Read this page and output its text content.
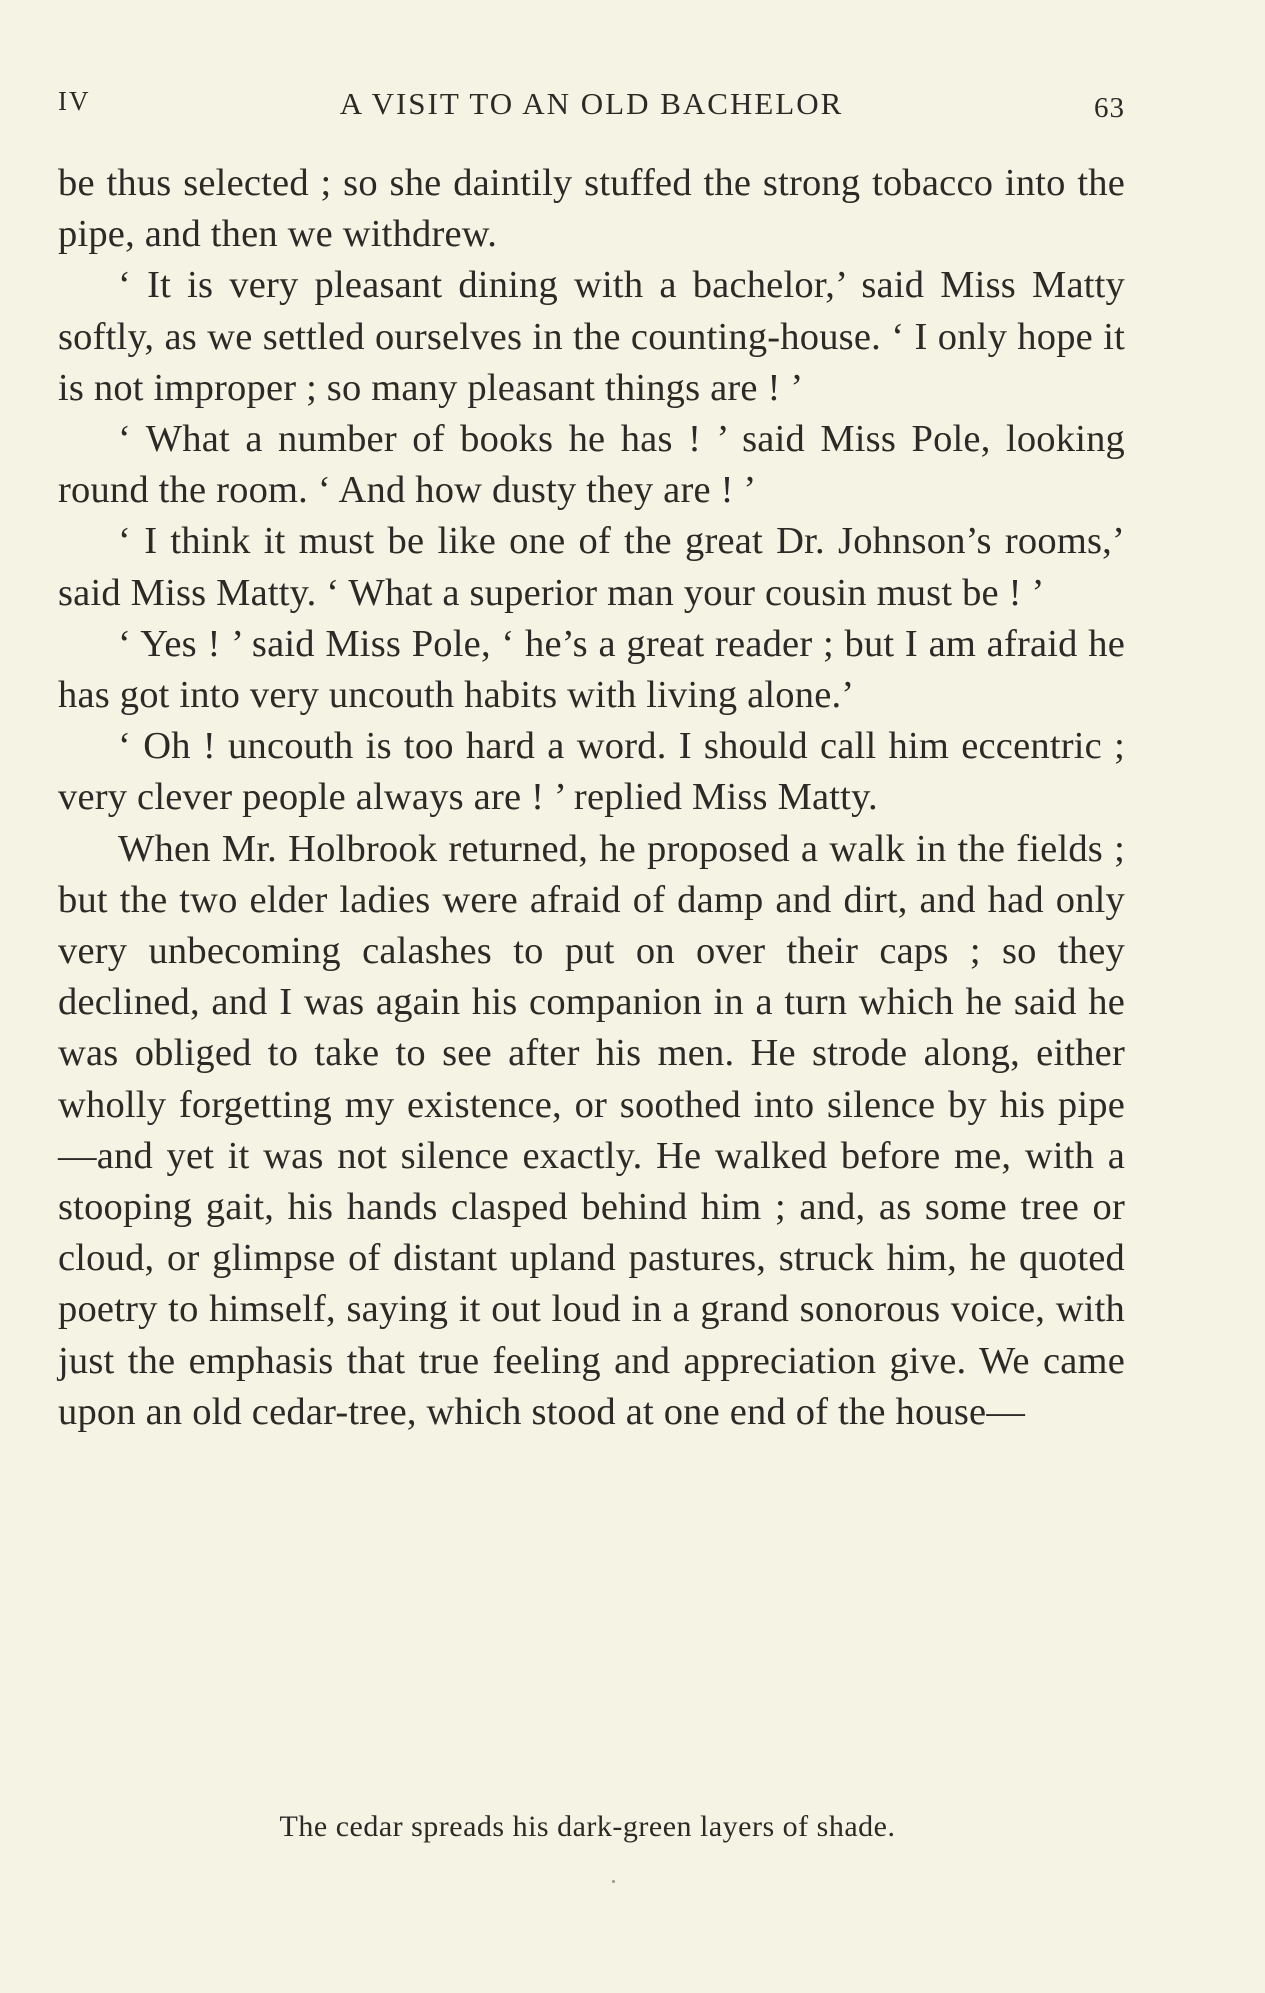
IV	A VISIT TO AN OLD BACHELOR	63

be thus selected ; so she daintily stuffed the strong tobacco into the pipe, and then we withdrew.

‘ It is very pleasant dining with a bachelor,’ said Miss Matty softly, as we settled ourselves in the counting-house. ‘ I only hope it is not improper ; so many pleasant things are ! ’

‘ What a number of books he has ! ’ said Miss Pole, looking round the room. ‘ And how dusty they are ! ’

‘ I think it must be like one of the great Dr. Johnson’s rooms,’ said Miss Matty. ‘ What a superior man your cousin must be ! ’

‘ Yes ! ’ said Miss Pole, ‘ he’s a great reader ; but I am afraid he has got into very uncouth habits with living alone.’

‘ Oh ! uncouth is too hard a word. I should call him eccentric ; very clever people always are ! ’ replied Miss Matty.

When Mr. Holbrook returned, he proposed a walk in the fields ; but the two elder ladies were afraid of damp and dirt, and had only very unbecoming calashes to put on over their caps ; so they declined, and I was again his companion in a turn which he said he was obliged to take to see after his men. He strode along, either wholly forgetting my existence, or soothed into silence by his pipe—and yet it was not silence exactly. He walked before me, with a stooping gait, his hands clasped behind him ; and, as some tree or cloud, or glimpse of distant upland pastures, struck him, he quoted poetry to himself, saying it out loud in a grand sonorous voice, with just the emphasis that true feeling and appreciation give. We came upon an old cedar-tree, which stood at one end of the house—

The cedar spreads his dark-green layers of shade.
